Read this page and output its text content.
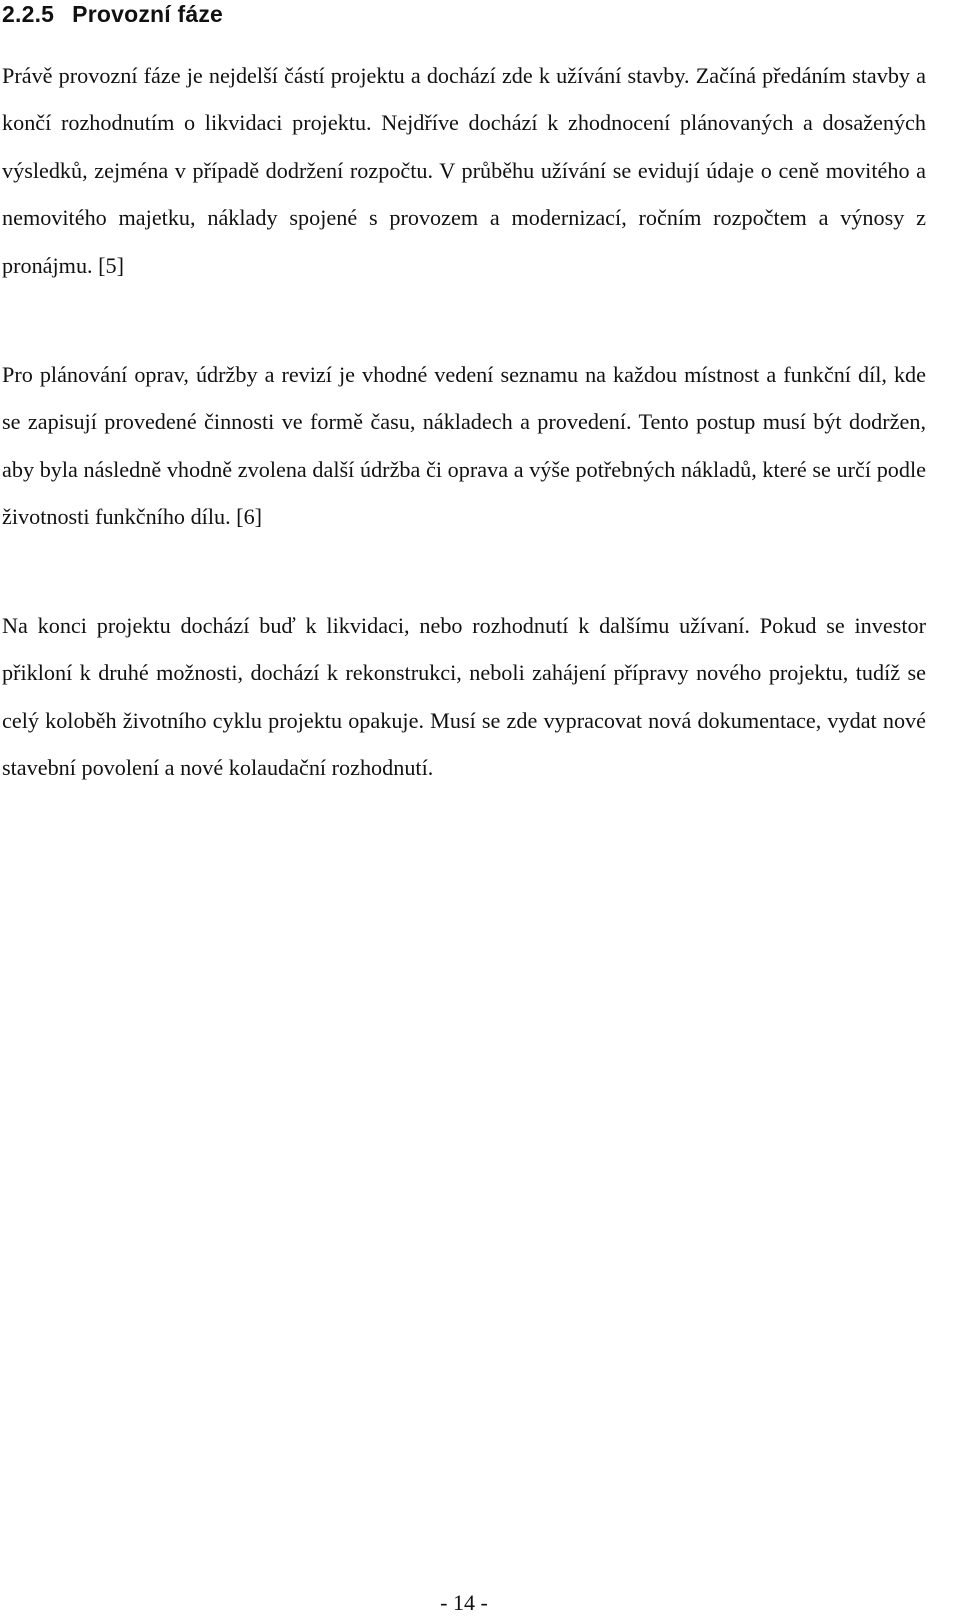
2.2.5 Provozní fáze

Právě provozní fáze je nejdelší částí projektu a dochází zde k užívání stavby. Začíná předáním stavby a končí rozhodnutím o likvidaci projektu. Nejdříve dochází k zhodnocení plánovaných a dosažených výsledků, zejména v případě dodržení rozpočtu. V průběhu užívání se evidují údaje o ceně movitého a nemovitého majetku, náklady spojené s provozem a modernizací, ročním rozpočtem a výnosy z pronájmu. [5]

Pro plánování oprav, údržby a revizí je vhodné vedení seznamu na každou místnost a funkční díl, kde se zapisují provedené činnosti ve formě času, nákladech a provedení. Tento postup musí být dodržen, aby byla následně vhodně zvolena další údržba či oprava a výše potřebných nákladů, které se určí podle životnosti funkčního dílu. [6]

Na konci projektu dochází buď k likvidaci, nebo rozhodnutí k dalšímu užívaní. Pokud se investor přikloní k druhé možnosti, dochází k rekonstrukci, neboli zahájení přípravy nového projektu, tudíž se celý koloběh životního cyklu projektu opakuje. Musí se zde vypracovat nová dokumentace, vydat nové stavební povolení a nové kolaudační rozhodnutí.

- 14 -
